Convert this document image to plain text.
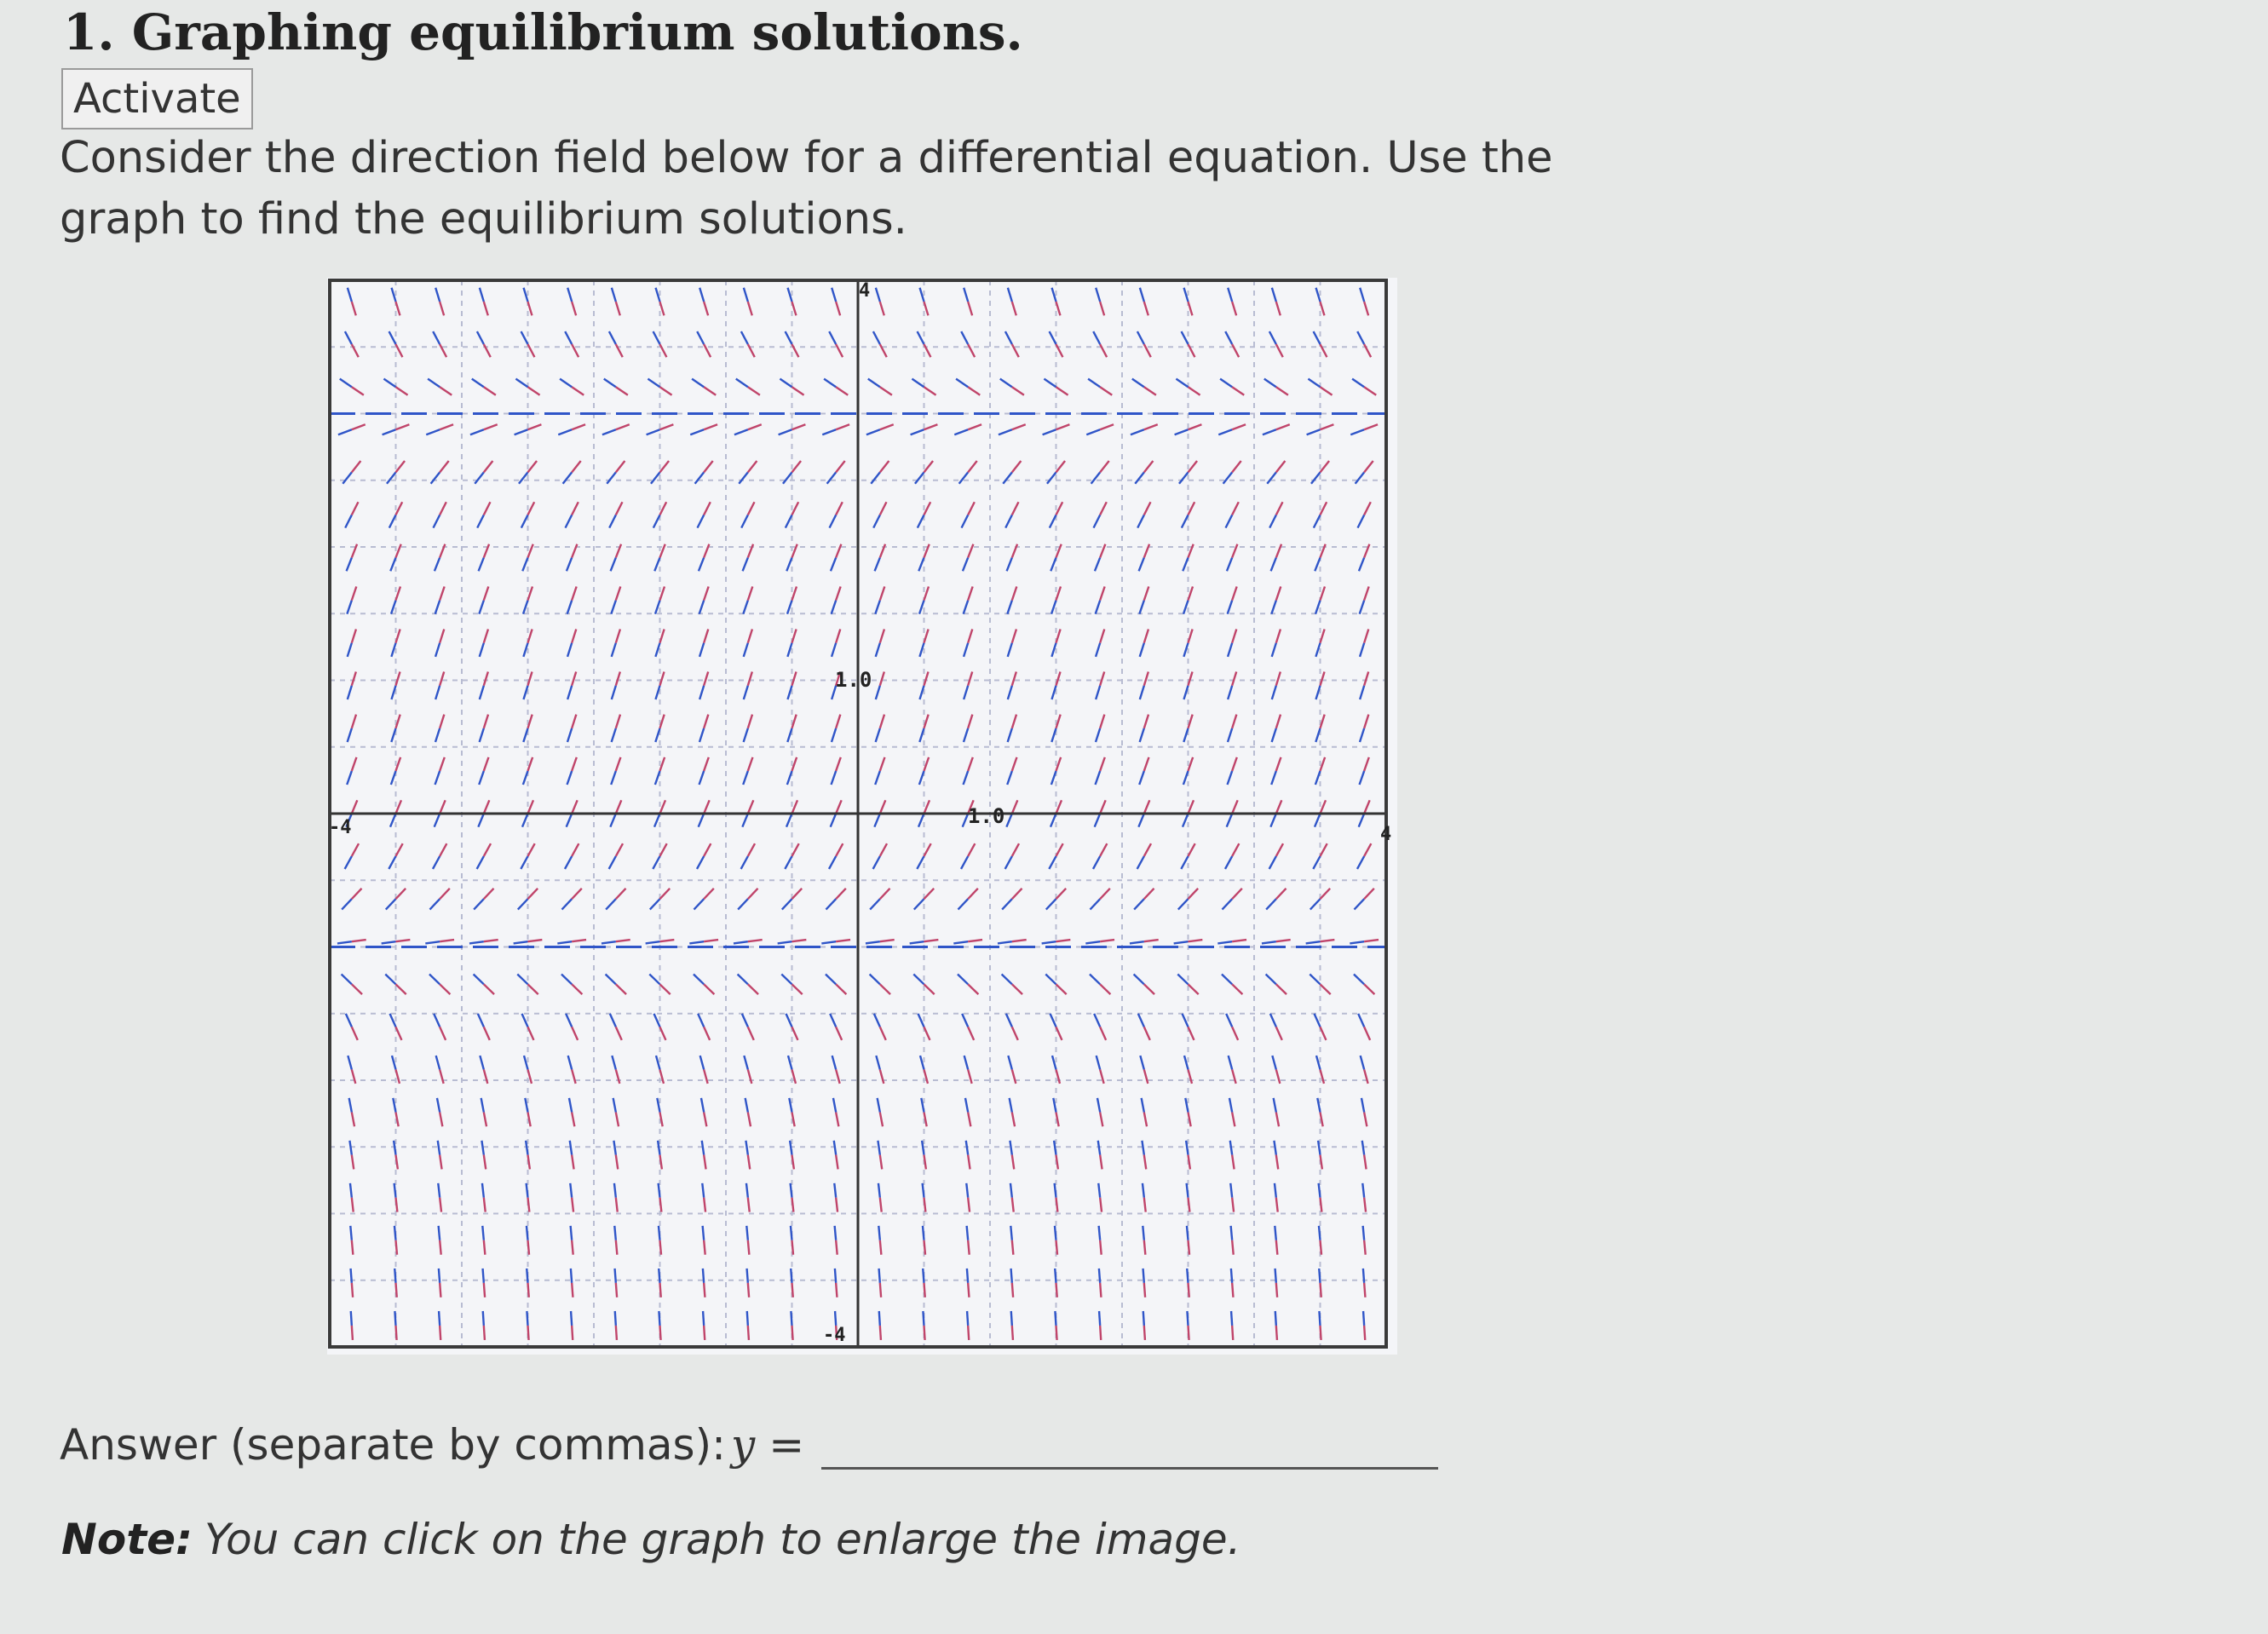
1. Graphing equilibrium solutions.
Activate

Consider the direction field below for a differential equation. Use the graph to find the equilibrium solutions.

-4	4
4
-4
1.0
1.0
Answer (separate by commas): y =
Note: You can click on the graph to enlarge the image.
